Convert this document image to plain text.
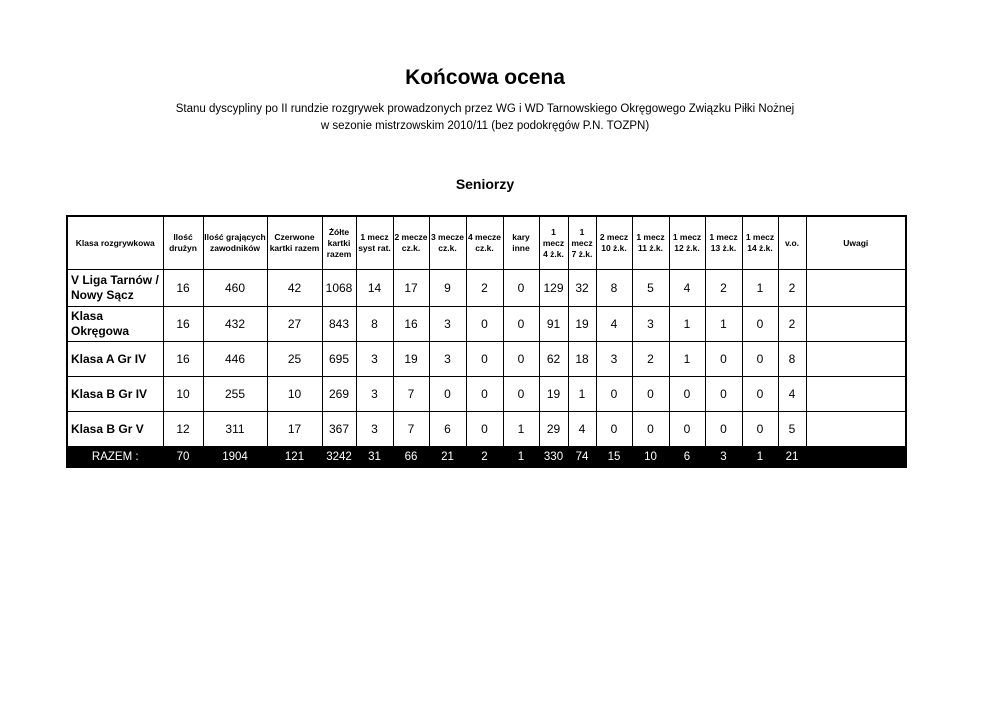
Końcowa ocena
Stanu dyscypliny po II rundzie rozgrywek prowadzonych przez WG i WD Tarnowskiego Okręgowego Związku Piłki Nożnej
w sezonie mistrzowskim 2010/11 (bez podokręgów P.N. TOZPN)
Seniorzy
Klasa rozgrywkowa	Ilość drużyn	Ilość grających zawodników	Czerwone kartki razem	Żółte kartki razem	1 mecz syst rat.	2 mecze cz.k.	3 mecze cz.k.	4 mecze cz.k.	kary inne	1 mecz 4 ż.k.	1 mecz 7 ż.k.	2 mecz 10 ż.k.	1 mecz 11 ż.k.	1 mecz 12 ż.k.	1 mecz 13 ż.k.	1 mecz 14 ż.k.	v.o.	Uwagi
V Liga Tarnów / Nowy Sącz	16	460	42	1068	14	17	9	2	0	129	32	8	5	4	2	1	2	
Klasa Okręgowa	16	432	27	843	8	16	3	0	0	91	19	4	3	1	1	0	2	
Klasa A Gr IV	16	446	25	695	3	19	3	0	0	62	18	3	2	1	0	0	8	
Klasa B Gr IV	10	255	10	269	3	7	0	0	0	19	1	0	0	0	0	0	4	
Klasa B Gr V	12	311	17	367	3	7	6	0	1	29	4	0	0	0	0	0	5	
RAZEM :	70	1904	121	3242	31	66	21	2	1	330	74	15	10	6	3	1	21	
